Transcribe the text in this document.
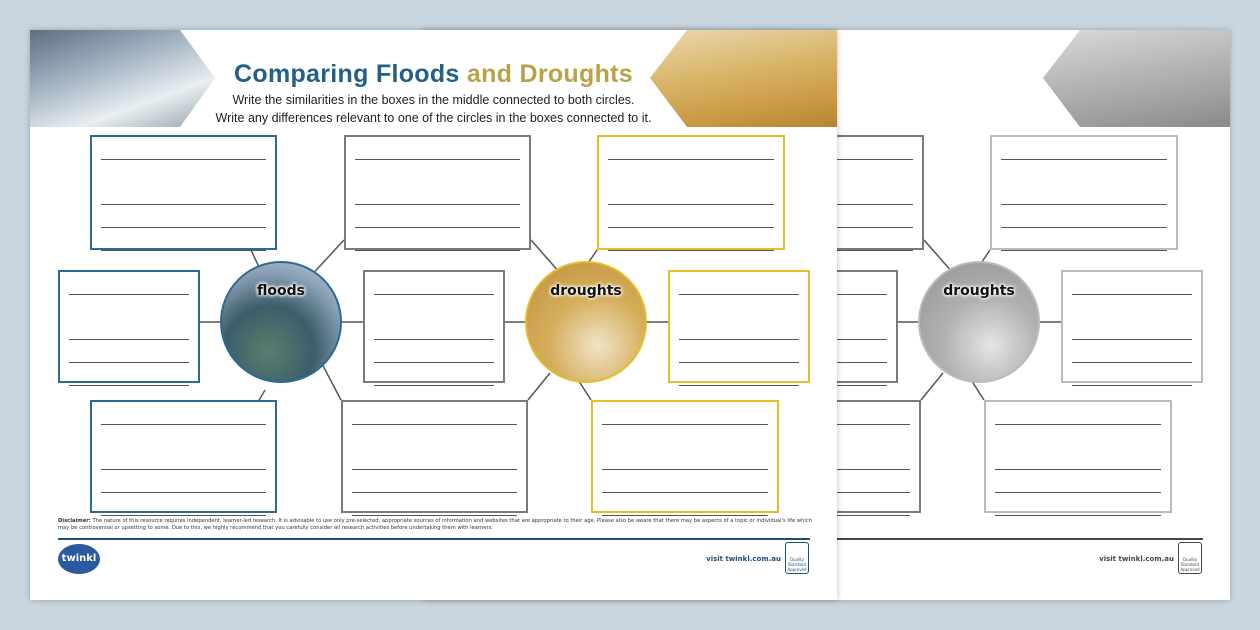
droughts
visit twinkl.com.au	Quality Standard Approved
Comparing Floods and Droughts
Write the similarities in the boxes in the middle connected to both circles.
Write any differences relevant to one of the circles in the boxes connected to it.
floods	droughts
Disclaimer: The nature of this resource requires independent, learner-led research. It is advisable to use only pre-selected, appropriate sources of information and websites that are appropriate to their age. Please also be aware that there may be aspects of a topic or individual's life which may be controversial or upsetting to some. Due to this, we highly recommend that you carefully consider all research activities before undertaking them with learners.
twinkl	visit twinkl.com.au	Quality Standard Approved
